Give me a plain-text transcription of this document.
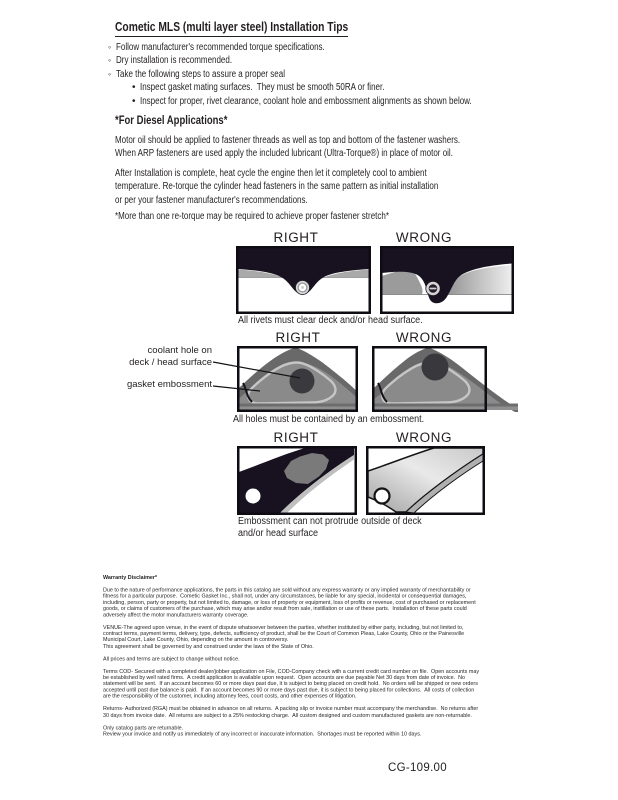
Cometic MLS (multi layer steel) Installation Tips
◦ Follow manufacturer's recommended torque specifications.
◦ Dry installation is recommended.
◦ Take the following steps to assure a proper seal
• Inspect gasket mating surfaces.  They must be smooth 50RA or finer.
• Inspect for proper, rivet clearance, coolant hole and embossment alignments as shown below.
*For Diesel Applications*
Motor oil should be applied to fastener threads as well as top and bottom of the fastener washers.
When ARP fasteners are used apply the included lubricant (Ultra-Torque®) in place of motor oil.
After Installation is complete, heat cycle the engine then let it completely cool to ambient
temperature. Re-torque the cylinder head fasteners in the same pattern as initial installation
or per your fastener manufacturer's recommendations.
*More than one re-torque may be required to achieve proper fastener stretch*
RIGHT	WRONG
All rivets must clear deck and/or head surface.
RIGHT	WRONG
coolant hole on
deck / head surface
gasket embossment
All holes must be contained by an embossment.
RIGHT	WRONG
Embossment can not protrude outside of deck
and/or head surface
Warranty Disclaimer*
Due to the nature of performance applications, the parts in this catalog are sold without any express warranty or any implied warranty of merchantability or
fitness for a particular purpose.  Cometic Gasket Inc., shall not, under any circumstances, be liable for any special, incidental or consequential damages,
including, person, party or property, but not limited to, damage, or loss of property or equipment, loss of profits or revenue, cost of purchased or replacement
goods, or claims of customers of the purchase, which may arise and/or result from sale, instillation or use of these parts.  Installation of these parts could
adversely affect the motor manufacturers warranty coverage.
VENUE-The agreed upon venue, in the event of dispute whatsoever between the parties, whether instituted by either party, including, but not limited to,
contract terms, payment terms, delivery, type, defects, sufficiency of product, shall be the Court of Common Pleas, Lake County, Ohio or the Painesville
Municipal Court, Lake County, Ohio, depending on the amount in controversy.
This agreement shall be governed by and construed under the laws of the State of Ohio.
All prices and terms are subject to change without notice.
Terms COD- Secured with a completed dealer/jobber application on File, COD-Company check with a current credit card number on file.  Open accounts may
be established by well rated firms.  A credit application is available upon request.  Open accounts are due payable Net 30 days from date of invoice.  No
statement will be sent.  If an account becomes 60 or more days past due, it is subject to being placed on credit hold.  No orders will be shipped or new orders
accepted until past due balance is paid.  If an account becomes 90 or more days past due, it is subject to being placed for collections.  All costs of collection
are the responsibility of the customer, including attorney fees, court costs, and other expenses of litigation.
Returns- Authorized (RGA) must be obtained in advance on all returns.  A packing slip or invoice number must accompany the merchandise.  No returns after
30 days from invoice date.  All returns are subject to a 25% restocking charge.  All custom designed and custom manufactured gaskets are non-returnable.
Only catalog parts are returnable.
Review your invoice and notify us immediately of any incorrect or inaccurate information.  Shortages must be reported within 10 days.
CG-109.00
